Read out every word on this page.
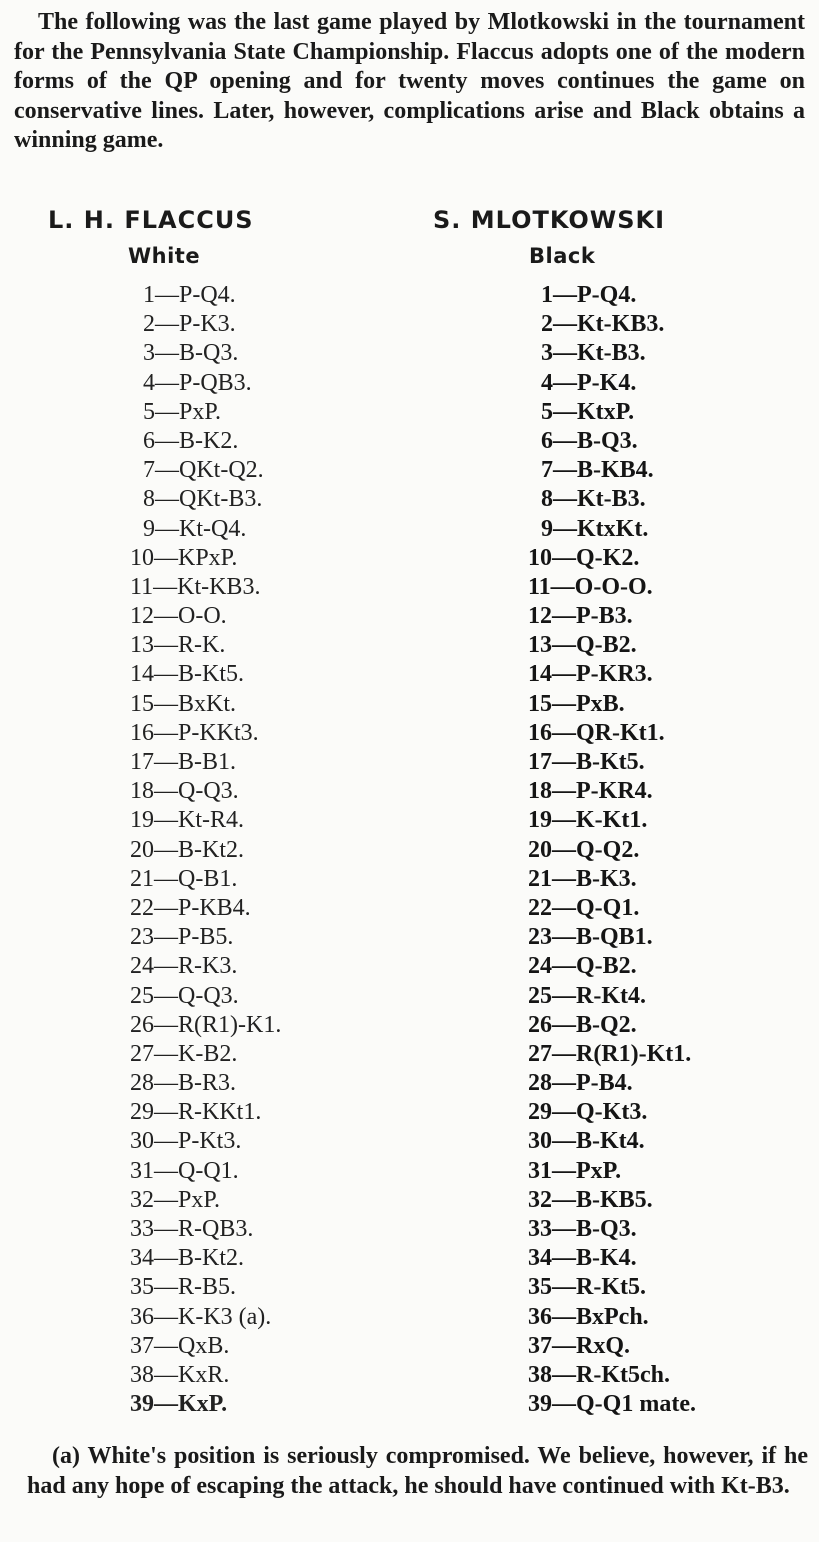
The following was the last game played by Mlotkowski in the tournament for the Pennsylvania State Championship. Flaccus adopts one of the modern forms of the QP opening and for twenty moves continues the game on conservative lines. Later, however, complications arise and Black obtains a winning game.

L. H. FLACCUS	S. MLOTKOWSKI
White	Black
1—P-Q4.
2—P-K3.
3—B-Q3.
4—P-QB3.
5—PxP.
6—B-K2.
7—QKt-Q2.
8—QKt-B3.
9—Kt-Q4.
10—KPxP.
11—Kt-KB3.
12—O-O.
13—R-K.
14—B-Kt5.
15—BxKt.
16—P-KKt3.
17—B-B1.
18—Q-Q3.
19—Kt-R4.
20—B-Kt2.
21—Q-B1.
22—P-KB4.
23—P-B5.
24—R-K3.
25—Q-Q3.
26—R(R1)-K1.
27—K-B2.
28—B-R3.
29—R-KKt1.
30—P-Kt3.
31—Q-Q1.
32—PxP.
33—R-QB3.
34—B-Kt2.
35—R-B5.
36—K-K3 (a).
37—QxB.
38—KxR.
39—KxP.
1—P-Q4.
2—Kt-KB3.
3—Kt-B3.
4—P-K4.
5—KtxP.
6—B-Q3.
7—B-KB4.
8—Kt-B3.
9—KtxKt.
10—Q-K2.
11—O-O-O.
12—P-B3.
13—Q-B2.
14—P-KR3.
15—PxB.
16—QR-Kt1.
17—B-Kt5.
18—P-KR4.
19—K-Kt1.
20—Q-Q2.
21—B-K3.
22—Q-Q1.
23—B-QB1.
24—Q-B2.
25—R-Kt4.
26—B-Q2.
27—R(R1)-Kt1.
28—P-B4.
29—Q-Kt3.
30—B-Kt4.
31—PxP.
32—B-KB5.
33—B-Q3.
34—B-K4.
35—R-Kt5.
36—BxPch.
37—RxQ.
38—R-Kt5ch.
39—Q-Q1 mate.

(a) White's position is seriously compromised. We believe, however, if he had any hope of escaping the attack, he should have continued with Kt-B3.
